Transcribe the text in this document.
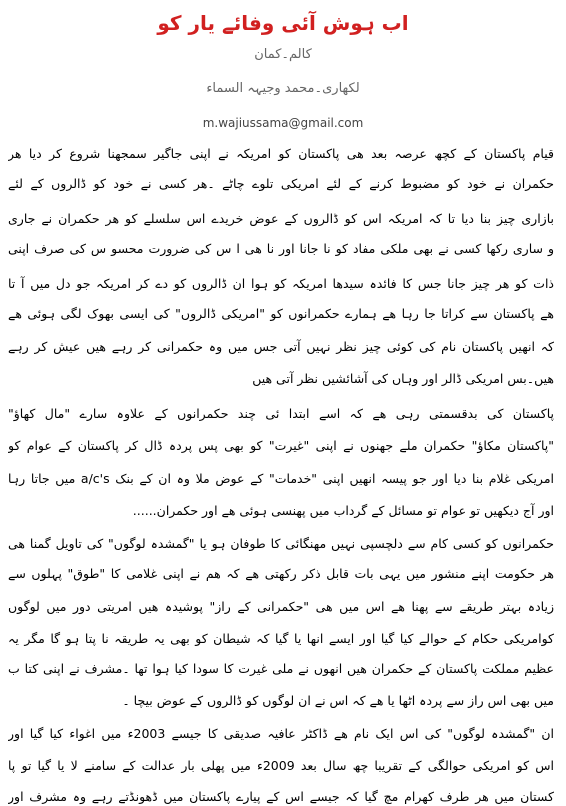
اب ہوش آئی وفائے یار کو
کالم۔کمان
لکھاری۔محمد وجیہہ السماء
m.wajiussama@gmail.com
قیام پاکستان کے کچھ عرصہ بعد ھی پاکستان کو امریکہ نے اپنی جاگیر سمجھنا شروع کر دیا ھر
حکمران نے خود کو مضبوط کرنے کے لئے امریکی تلوے چاٹے ۔ھر کسی نے خود کو ڈالروں کے لئے
بازاری چیز بنا دیا تا کہ امریکہ اس کو ڈالروں کے عوض خریدے اس سلسلے کو ھر حکمران نے جاری
و ساری رکھا کسی نے بھی ملکی مفاد کو نا جانا اور نا ھی ا س کی ضرورت محسو س کی صرف اپنی
ذات کو ھر چیز جانا جس کا فائدہ سیدھا امریکہ کو ہوا ان ڈالروں کو دے کر امریکہ جو دل میں آ تا
ھے پاکستان سے کراتا جا رہا ھے ہمارے حکمرانوں کو "امریکی ڈالروں" کی ایسی بھوک لگی ہوئی ھے
کہ انھیں پاکستان نام کی کوئی چیز نظر نہیں آتی جس میں وہ حکمرانی کر رہے ھیں عیش کر رہے
ھیں۔بس امریکی ڈالر اور وہاں کی آشائشیں نظر آتی ھیں
پاکستان کی بدقسمتی رہی ھے کہ اسے ابتدا ئی چند حکمرانوں کے علاوہ سارے "مال کھاؤ"
"پاکستان مکاؤ" حکمران ملے جھنوں نے اپنی "غیرت" کو بھی پس پردہ ڈال کر پاکستان کے عوام کو
امریکی غلام بنا دیا اور جو پیسہ انھیں اپنی "خدمات" کے عوض ملا وہ ان کے بنک a/c's میں جاتا رہا
اور آج دیکھیں تو عوام تو مسائل کے گرداب میں پھنسی ہوئی ھے اور حکمران......
حکمرانوں کو کسی کام سے دلچسپی نہیں مھنگائی کا طوفان ہو یا "گمشدہ لوگوں" کی تاویل گمنا ھی
ھر حکومت اپنے منشور میں یہی بات قابل ذکر رکھتی ھے کہ ھم نے اپنی غلامی کا "طوق" پہلوں سے
زیادہ بہتر طریقے سے پھنا ھے اس میں ھی "حکمرانی کے راز" پوشیدہ ھیں امریتی دور میں لوگوں
کوامریکی حکام کے حوالے کیا گیا اور ایسے انھا یا گیا کہ شیطان کو بھی یہ طریقہ نا پتا ہو گا مگر یہ
عظیم مملکت پاکستان کے حکمران ھیں انھوں نے ملی غیرت کا سودا کیا ہوا تھا ۔مشرف نے اپنی کتا ب
میں بھی اس راز سے پردہ اٹھا یا ھے کہ اس نے ان لوگوں کو ڈالروں کے عوض بیچا ۔
ان "گمشدہ لوگوں" کی اس ایک نام ھے ڈاکٹر عافیہ صدیقی کا جیسے 2003ء میں اغواء کیا گیا اور
اس کو امریکی حوالگی کے تقریبا چھ سال بعد 2009ء میں پھلی بار عدالت کے سامنے لا یا گیا تو پا
کستان میں ھر طرف کھرام مچ گیا کہ جیسے اس کے پیارے پاکستان میں ڈھونڈتے رہے وہ مشرف اور
